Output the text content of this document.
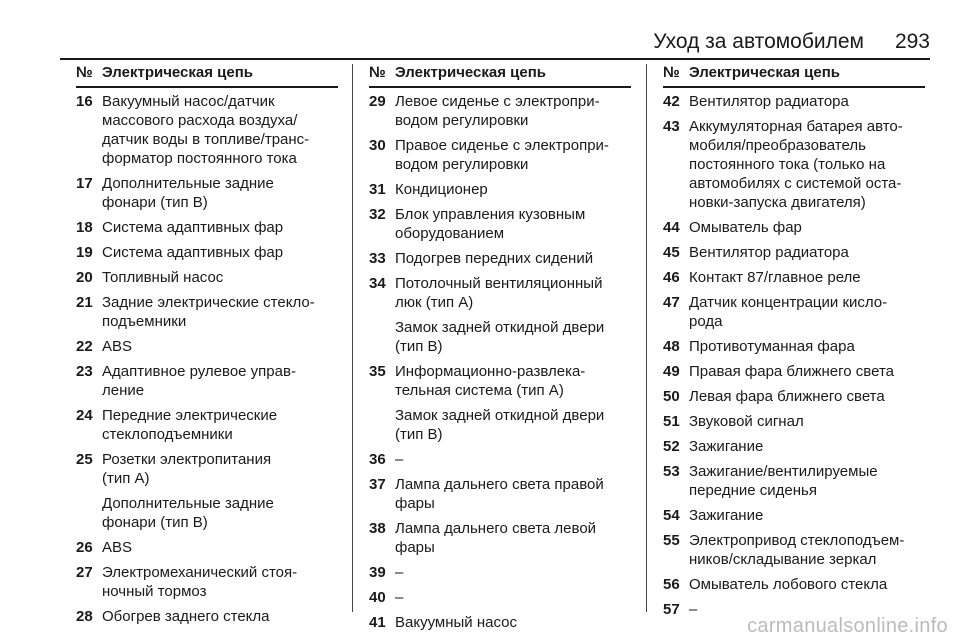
Уход за автомобилем 293
№ Электрическая цепь
16 Вакуумный насос/датчик
массового расхода воздуха/
датчик воды в топливе/транс-
форматор постоянного тока
17 Дополнительные задние
фонари (тип B)
18 Система адаптивных фар
19 Система адаптивных фар
20 Топливный насос
21 Задние электрические стекло-
подъемники
22 ABS
23 Адаптивное рулевое управ-
ление
24 Передние электрические
стеклоподъемники
25 Розетки электропитания
(тип A)
Дополнительные задние
фонари (тип B)
26 ABS
27 Электромеханический стоя-
ночный тормоз
28 Обогрев заднего стекла
№ Электрическая цепь
29 Левое сиденье с электропри-
водом регулировки
30 Правое сиденье с электропри-
водом регулировки
31 Кондиционер
32 Блок управления кузовным
оборудованием
33 Подогрев передних сидений
34 Потолочный вентиляционный
люк (тип A)
Замок задней откидной двери
(тип B)
35 Информационно-развлека-
тельная система (тип A)
Замок задней откидной двери
(тип B)
36 –
37 Лампа дальнего света правой
фары
38 Лампа дальнего света левой
фары
39 –
40 –
41 Вакуумный насос
№ Электрическая цепь
42 Вентилятор радиатора
43 Аккумуляторная батарея авто-
мобиля/преобразователь
постоянного тока (только на
автомобилях с системой оста-
новки-запуска двигателя)
44 Омыватель фар
45 Вентилятор радиатора
46 Контакт 87/главное реле
47 Датчик концентрации кисло-
рода
48 Противотуманная фара
49 Правая фара ближнего света
50 Левая фара ближнего света
51 Звуковой сигнал
52 Зажигание
53 Зажигание/вентилируемые
передние сиденья
54 Зажигание
55 Электропривод стеклоподъем-
ников/складывание зеркал
56 Омыватель лобового стекла
57 –
carmanualsonline.info
